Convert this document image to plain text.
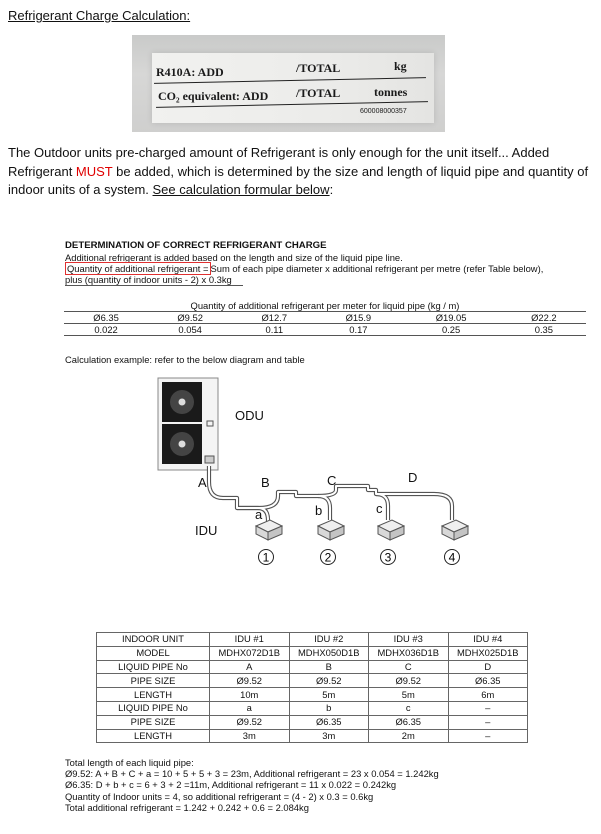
Refrigerant Charge Calculation:
R410A: ADD	/TOTAL	kg
CO₂ equivalent: ADD /TOTAL	tonnes
600008000357
The Outdoor units pre-charged amount of Refrigerant is only enough for the unit itself... Added Refrigerant MUST be added, which is determined by the size and length of liquid pipe and quantity of indoor units of a system. See calculation formular below:
DETERMINATION OF CORRECT REFRIGERANT CHARGE
Additional refrigerant is added based on the length and size of the liquid pipe line.
Quantity of additional refrigerant = Sum of each pipe diameter x additional refrigerant per metre (refer Table below),
plus (quantity of indoor units - 2) x 0.3kg
Quantity of additional refrigerant per meter for liquid pipe (kg / m)					
Ø6.35	Ø9.52	Ø12.7	Ø15.9	Ø19.05	Ø22.2
0.022	0.054	0.11	0.17	0.25	0.35
Calculation example: refer to the below diagram and table
1	2	3	4
ODU
IDU
A	B	C	D
a	b	c
INDOOR UNIT	IDU #1	IDU #2	IDU #3	IDU #4
MODEL	MDHX072D1B	MDHX050D1B	MDHX036D1B	MDHX025D1B
LIQUID PIPE No	A	B	C	D
PIPE SIZE	Ø9.52	Ø9.52	Ø9.52	Ø6.35
LENGTH	10m	5m	5m	6m
LIQUID PIPE No	a	b	c	–
PIPE SIZE	Ø9.52	Ø6.35	Ø6.35	–
LENGTH	3m	3m	2m	–
Total length of each liquid pipe:
Ø9.52: A + B + C + a = 10 + 5 + 5 + 3 = 23m, Additional refrigerant = 23 x 0.054 = 1.242kg
Ø6.35: D + b + c = 6 + 3 + 2 =11m, Additional refrigerant = 11 x 0.022 = 0.242kg
Quantity of Indoor units = 4, so additional refrigerant = (4 - 2) x 0.3 = 0.6kg
Total additional refrigerant = 1.242 + 0.242 + 0.6 = 2.084kg
